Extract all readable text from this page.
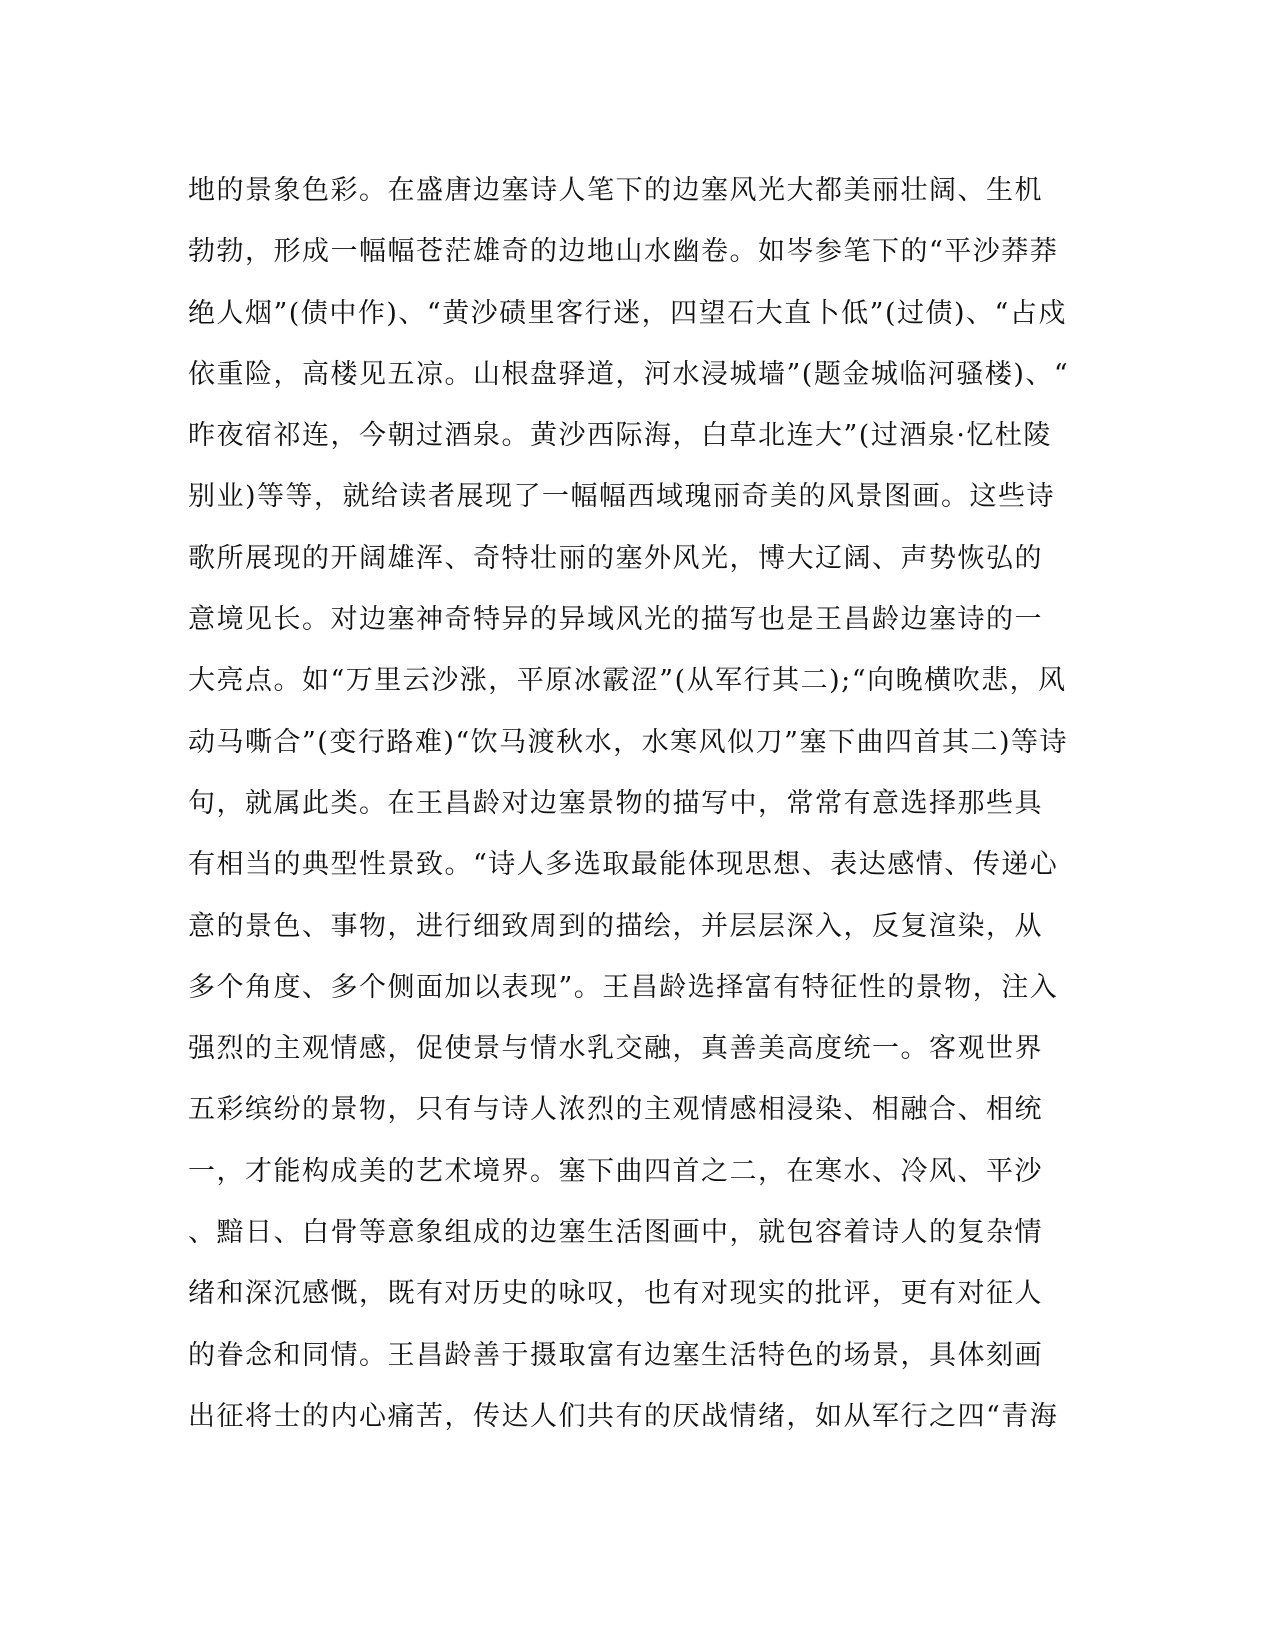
地的景象色彩。在盛唐边塞诗人笔下的边塞风光大都美丽壮阔、生机
勃勃，形成一幅幅苍茫雄奇的边地山水幽卷。如岑参笔下的“平沙莽莽
绝人烟”(债中作)、“黄沙碛里客行迷，四望石大直卜低”(过债)、“占戍
依重险，高楼见五凉。山根盘驿道，河水浸城墙”(题金城临河骚楼)、“
昨夜宿祁连，今朝过酒泉。黄沙西际海，白草北连大”(过酒泉·忆杜陵
别业)等等，就给读者展现了一幅幅西域瑰丽奇美的风景图画。这些诗
歌所展现的开阔雄浑、奇特壮丽的塞外风光，博大辽阔、声势恢弘的
意境见长。对边塞神奇特异的异域风光的描写也是王昌龄边塞诗的一
大亮点。如“万里云沙涨，平原冰霰涩”(从军行其二);“向晚横吹悲，风
动马嘶合”(变行路难)“饮马渡秋水，水寒风似刀”塞下曲四首其二)等诗
句，就属此类。在王昌龄对边塞景物的描写中，常常有意选择那些具
有相当的典型性景致。“诗人多选取最能体现思想、表达感情、传递心
意的景色、事物，进行细致周到的描绘，并层层深入，反复渲染，从
多个角度、多个侧面加以表现”。王昌龄选择富有特征性的景物，注入
强烈的主观情感，促使景与情水乳交融，真善美高度统一。客观世界
五彩缤纷的景物，只有与诗人浓烈的主观情感相浸染、相融合、相统
一，才能构成美的艺术境界。塞下曲四首之二，在寒水、冷风、平沙
、黯日、白骨等意象组成的边塞生活图画中，就包容着诗人的复杂情
绪和深沉感慨，既有对历史的咏叹，也有对现实的批评，更有对征人
的眷念和同情。王昌龄善于摄取富有边塞生活特色的场景，具体刻画
出征将士的内心痛苦，传达人们共有的厌战情绪，如从军行之四“青海
